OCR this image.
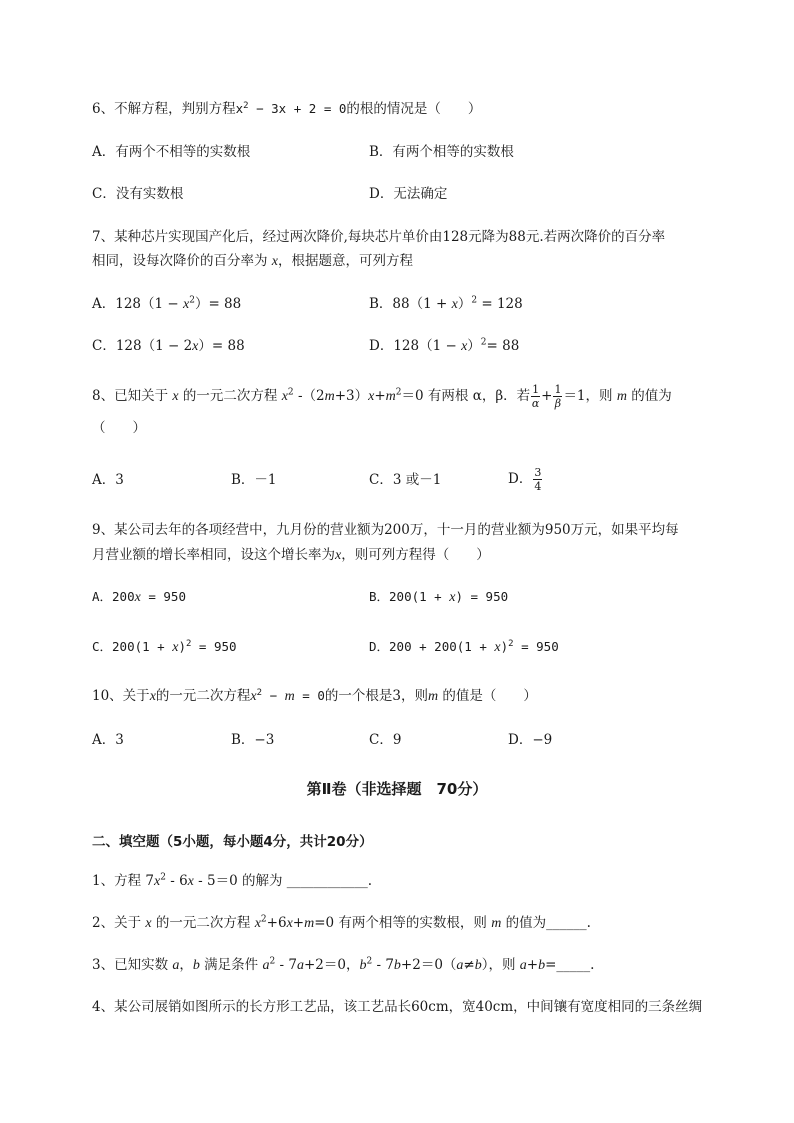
6、不解方程，判别方程$x^2 - 3x + 2 = 0$的根的情况是（　　）
A．有两个不相等的实数根	B．有两个相等的实数根
C．没有实数根	D．无法确定
7、某种芯片实现国产化后，经过两次降价,每块芯片单价由128元降为88元.若两次降价的百分率
相同，设每次降价的百分率为 x，根据题意，可列方程
A．$128(1 - x^2)= 88$	B．$88(1 + x)^2 = 128$
C．128（1 − 2x）= 88	D．$128(1 - x)^2= 88$
8、已知关于 x 的一元二次方程 $x^2$ $-(2m+3)x+m^2=0$ 有两根 α，β．若 $\frac{1}{\alpha} + \frac{1}{\beta} =1$，则 m 的值为
（　　）
A．3	B．－1	C．3 或－1	D． $\frac{3}{4}$
9、某公司去年的各项经营中，九月份的营业额为200万，十一月的营业额为950万元，如果平均每
月营业额的增长率相同，设这个增长率为x，则可列方程得（　　）
A．200x = 950	B．200(1 + x) = 950
C．$200(1 + x)^2 = 950$	D．$200 + 200(1 + x)^2 = 950$
10、关于x的一元二次方程$x^2 - m = 0$的一个根是3，则m 的值是（　　）
A．3	B．−3	C．9	D．−9
第Ⅱ卷（非选择题　70分）
二、填空题（5小题，每小题4分，共计20分）
1、方程 $7x^2 - 6x - 5=0$ 的解为 ____________.
2、关于 x 的一元二次方程 $x^2+6x+m=0$ 有两个相等的实数根，则 m 的值为______.
3、已知实数 a，b 满足条件 $a^2 - 7a+2=0$，$b^2 - 7b+2=0(a\ne b)$，则 a+b=_____.
4、某公司展销如图所示的长方形工艺品，该工艺品长60cm，宽40cm，中间镶有宽度相同的三条丝绸
